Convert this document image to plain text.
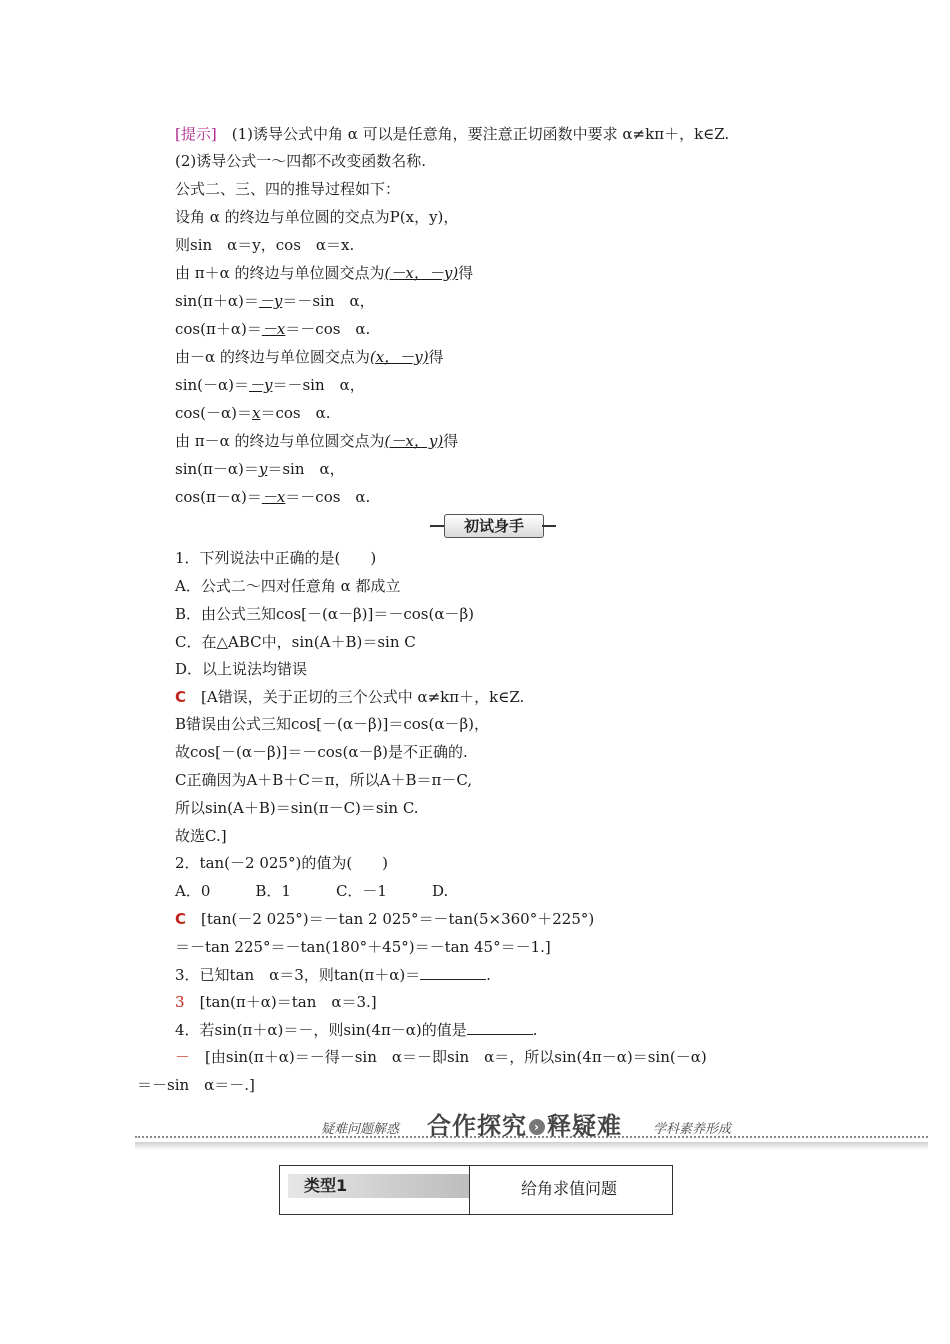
[提示]　 (1)诱导公式中角 α 可以是任意角，要注意正切函数中要求 α≠kπ＋，k∈Z.
(2)诱导公式一～四都不改变函数名称.
公式二、三、四的推导过程如下：
设角 α 的终边与单位圆的交点为P(x，y)，
则sin　α＝y，cos　α＝x.
由 π＋α 的终边与单位圆交点为(－x，－y)得
sin(π＋α)＝－y＝－sin　α，
cos(π＋α)＝－x＝－cos　α.
由－α 的终边与单位圆交点为(x，－y)得
sin(－α)＝－y＝－sin　α，
cos(－α)＝x＝cos　α.
由 π－α 的终边与单位圆交点为(－x，y)得
sin(π－α)＝y＝sin　α，
cos(π－α)＝－x＝－cos　α.
初试身手
1．下列说法中正确的是(　　)
A．公式二～四对任意角 α 都成立
B．由公式三知cos[－(α－β)]＝－cos(α－β)
C．在△ABC中，sin(A＋B)＝sin C
D．以上说法均错误
C　 [A错误，关于正切的三个公式中 α≠kπ＋，k∈Z.
B错误由公式三知cos[－(α－β)]＝cos(α－β)，
故cos[－(α－β)]＝－cos(α－β)是不正确的.
C正确因为A＋B＋C＝π，所以A＋B＝π－C,
所以sin(A＋B)＝sin(π－C)＝sin C.
故选C.]
2．tan(－2 025°)的值为(　　)
A．0　　　B．1　　　C．－1　　　D.
C　 [tan(－2 025°)＝－tan 2 025°＝－tan(5×360°＋225°)
＝－tan 225°＝－tan(180°＋45°)＝－tan 45°＝－1.]
3．已知tan　α＝3，则tan(π＋α)＝	.
3　 [tan(π＋α)＝tan　α＝3.]
4．若sin(π＋α)＝－，则sin(4π－α)的值是	.
－　 [由sin(π＋α)＝－得－sin　α＝－即sin　α＝，所以sin(4π－α)＝sin(－α)
＝－sin　α＝－.]
疑难问题解惑 合作探究 › 释疑难 学科素养形成
类型1	给角求值问题
